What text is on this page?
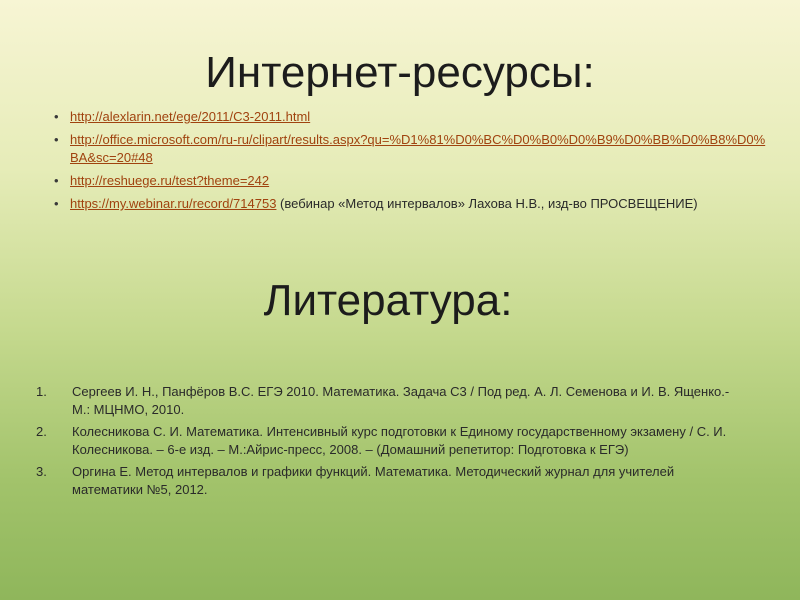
Интернет-ресурсы:
• http://alexlarin.net/ege/2011/C3-2011.html
• http://office.microsoft.com/ru-ru/clipart/results.aspx?qu=%D1%81%D0%BC%D0%B0%D0%B9%D0%BB%D0%B8%D0%BA&sc=20#48
• http://reshuege.ru/test?theme=242
• https://my.webinar.ru/record/714753 (вебинар «Метод интервалов» Лахова Н.В., изд-во ПРОСВЕЩЕНИЕ)
Литература:
1. Сергеев И. Н., Панфёров В.С. ЕГЭ 2010. Математика. Задача С3 / Под ред. А. Л. Семенова и И. В. Ященко.- М.: МЦНМО, 2010.
2. Колесникова С. И. Математика. Интенсивный курс подготовки к Единому государственному экзамену / С. И. Колесникова. – 6-е изд. – М.:Айрис-пресс, 2008. – (Домашний репетитор: Подготовка к ЕГЭ)
3. Оргина Е. Метод интервалов и графики функций. Математика. Методический журнал для учителей математики №5, 2012.
